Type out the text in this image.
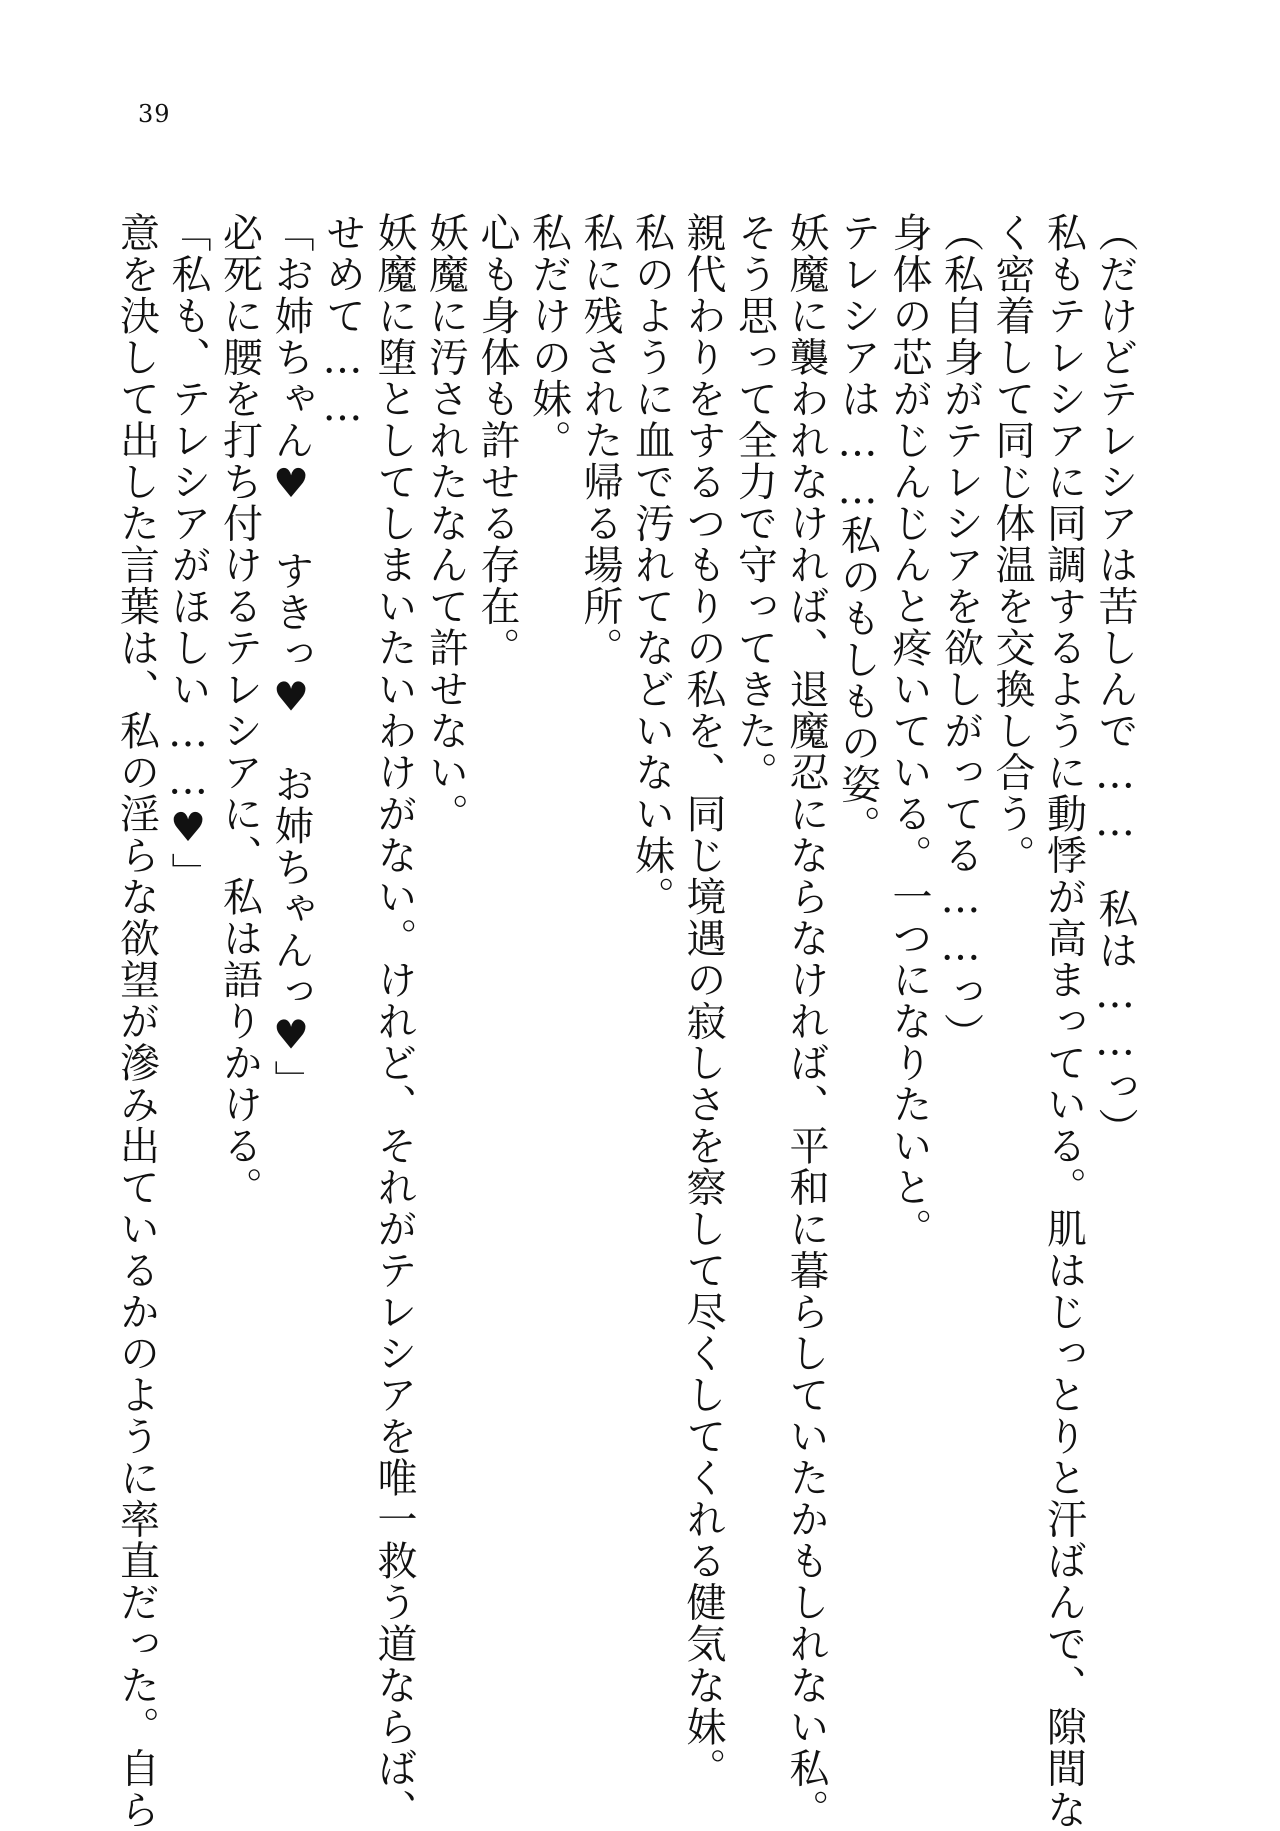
39
（だけどテレシアは苦しんで……　私は……っ）
私もテレシアに同調するように動悸が高まっている。肌はじっとりと汗ばんで、隙間な
く密着して同じ体温を交換し合う。
（私自身がテレシアを欲しがってる……っ）
身体の芯がじんじんと疼いている。一つになりたいと。
テレシアは……私のもしもの姿。
妖魔に襲われなければ、退魔忍にならなければ、平和に暮らしていたかもしれない私。
そう思って全力で守ってきた。
親代わりをするつもりの私を、同じ境遇の寂しさを察して尽くしてくれる健気な妹。
私のように血で汚れてなどいない妹。
私に残された帰る場所。
私だけの妹。
心も身体も許せる存在。
妖魔に汚されたなんて許せない。
妖魔に堕としてしまいたいわけがない。けれど、それがテレシアを唯一救う道ならば、
せめて……
「お姉ちゃん♥　すきっ♥　お姉ちゃんっ♥」
必死に腰を打ち付けるテレシアに、私は語りかける。
「私も、テレシアがほしい……♥」
意を決して出した言葉は、私の淫らな欲望が滲み出ているかのように率直だった。自ら
